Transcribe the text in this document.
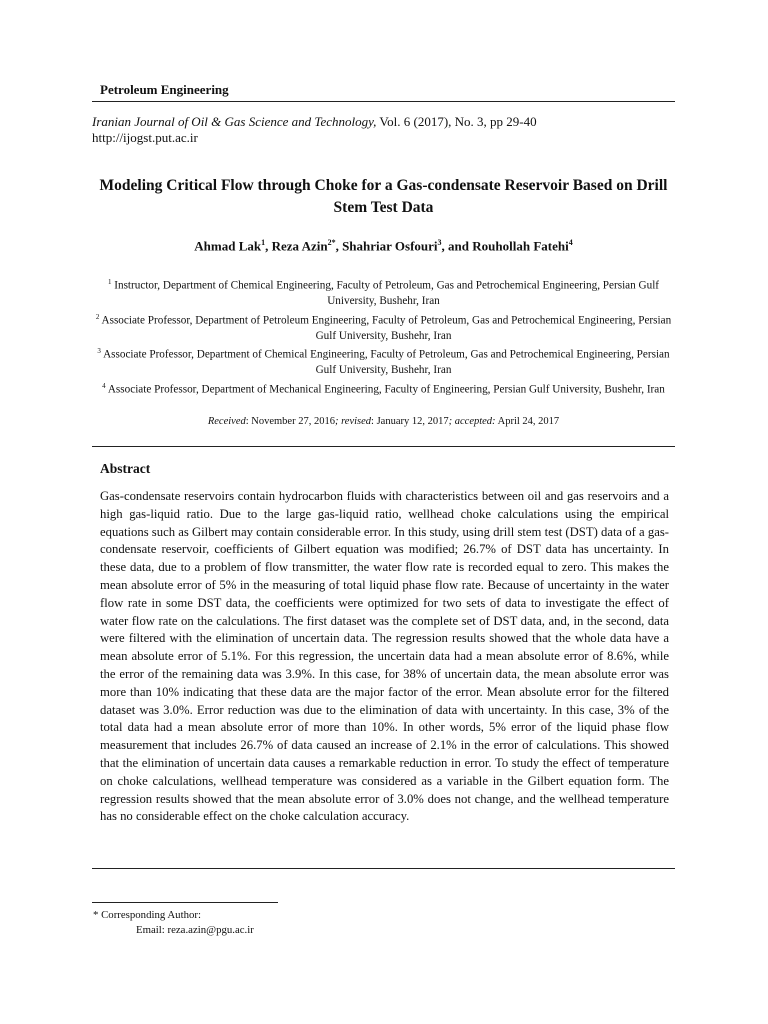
Petroleum Engineering
Iranian Journal of Oil & Gas Science and Technology, Vol. 6 (2017), No. 3, pp 29-40
http://ijogst.put.ac.ir
Modeling Critical Flow through Choke for a Gas-condensate Reservoir Based on Drill Stem Test Data
Ahmad Lak$^1$, Reza Azin$^{2*}$, Shahriar Osfouri$^3$, and Rouhollah Fatehi$^4$
$^1$ Instructor, Department of Chemical Engineering, Faculty of Petroleum, Gas and Petrochemical Engineering, Persian Gulf University, Bushehr, Iran
$^2$ Associate Professor, Department of Petroleum Engineering, Faculty of Petroleum, Gas and Petrochemical Engineering, Persian Gulf University, Bushehr, Iran
$^3$ Associate Professor, Department of Chemical Engineering, Faculty of Petroleum, Gas and Petrochemical Engineering, Persian Gulf University, Bushehr, Iran
$^4$ Associate Professor, Department of Mechanical Engineering, Faculty of Engineering, Persian Gulf University, Bushehr, Iran
Received: November 27, 2016; revised: January 12, 2017; accepted: April 24, 2017
Abstract
Gas-condensate reservoirs contain hydrocarbon fluids with characteristics between oil and gas reservoirs and a high gas-liquid ratio. Due to the large gas-liquid ratio, wellhead choke calculations using the empirical equations such as Gilbert may contain considerable error. In this study, using drill stem test (DST) data of a gas-condensate reservoir, coefficients of Gilbert equation was modified; 26.7% of DST data has uncertainty. In these data, due to a problem of flow transmitter, the water flow rate is recorded equal to zero. This makes the mean absolute error of 5% in the measuring of total liquid phase flow rate. Because of uncertainty in the water flow rate in some DST data, the coefficients were optimized for two sets of data to investigate the effect of water flow rate on the calculations. The first dataset was the complete set of DST data, and, in the second, data were filtered with the elimination of uncertain data. The regression results showed that the whole data have a mean absolute error of 5.1%. For this regression, the uncertain data had a mean absolute error of 8.6%, while the error of the remaining data was 3.9%. In this case, for 38% of uncertain data, the mean absolute error was more than 10% indicating that these data are the major factor of the error. Mean absolute error for the filtered dataset was 3.0%. Error reduction was due to the elimination of data with uncertainty. In this case, 3% of the total data had a mean absolute error of more than 10%. In other words, 5% error of the liquid phase flow measurement that includes 26.7% of data caused an increase of 2.1% in the error of calculations. This showed that the elimination of uncertain data causes a remarkable reduction in error. To study the effect of temperature on choke calculations, wellhead temperature was considered as a variable in the Gilbert equation form. The regression results showed that the mean absolute error of 3.0% does not change, and the wellhead temperature has no considerable effect on the choke calculation accuracy.
* Corresponding Author:
Email: reza.azin@pgu.ac.ir
